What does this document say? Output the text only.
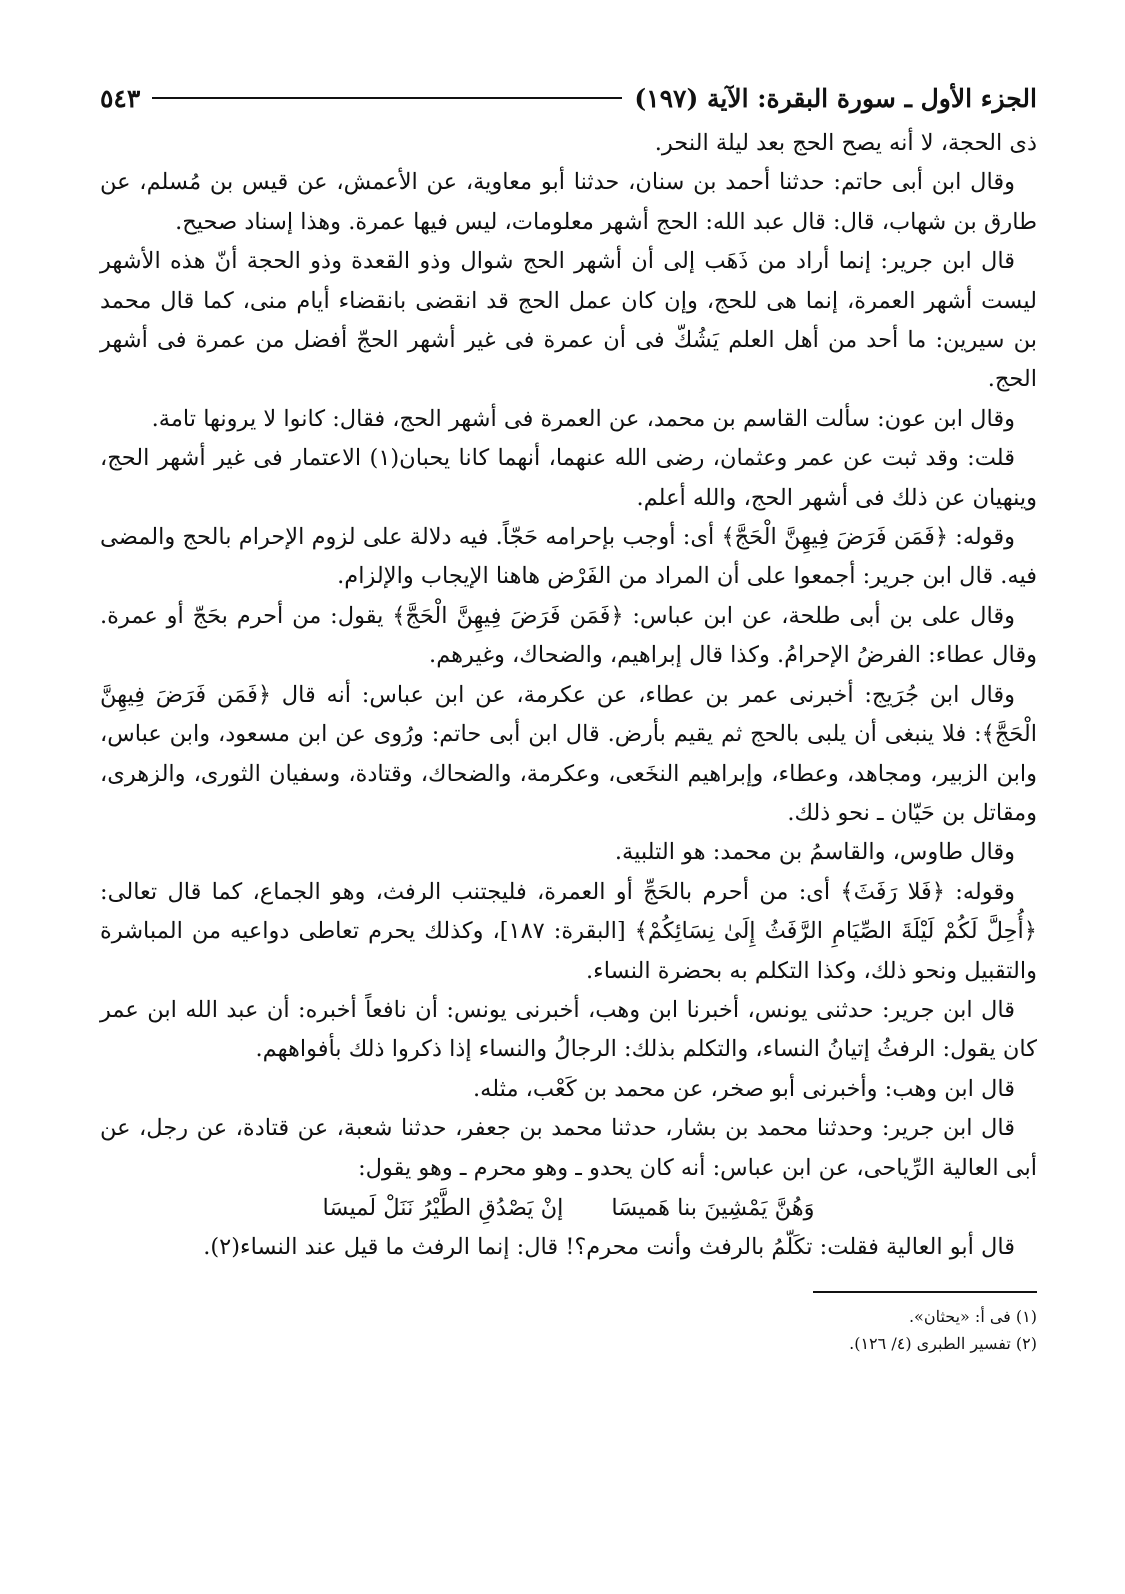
الجزء الأول ـ سورة البقرة: الآية (١٩٧)
٥٤٣

ذى الحجة، لا أنه يصح الحج بعد ليلة النحر.

وقال ابن أبى حاتم: حدثنا أحمد بن سنان، حدثنا أبو معاوية، عن الأعمش، عن قيس بن مُسلم، عن طارق بن شهاب، قال: قال عبد الله: الحج أشهر معلومات، ليس فيها عمرة. وهذا إسناد صحيح.

قال ابن جرير: إنما أراد من ذَهَب إلى أن أشهر الحج شوال وذو القعدة وذو الحجة أنّ هذه الأشهر ليست أشهر العمرة، إنما هى للحج، وإن كان عمل الحج قد انقضى بانقضاء أيام منى، كما قال محمد بن سيرين: ما أحد من أهل العلم يَشُكّ فى أن عمرة فى غير أشهر الحجّ أفضل من عمرة فى أشهر الحج.

وقال ابن عون: سألت القاسم بن محمد، عن العمرة فى أشهر الحج، فقال: كانوا لا يرونها تامة.

قلت: وقد ثبت عن عمر وعثمان، رضى الله عنهما، أنهما كانا يحبان(١) الاعتمار فى غير أشهر الحج، وينهيان عن ذلك فى أشهر الحج، والله أعلم.

وقوله: ﴿فَمَن فَرَضَ فِيهِنَّ الْحَجَّ﴾ أى: أوجب بإحرامه حَجّاً. فيه دلالة على لزوم الإحرام بالحج والمضى فيه. قال ابن جرير: أجمعوا على أن المراد من الفَرْض هاهنا الإيجاب والإلزام.

وقال على بن أبى طلحة، عن ابن عباس: ﴿فَمَن فَرَضَ فِيهِنَّ الْحَجَّ﴾ يقول: من أحرم بحَجّ أو عمرة. وقال عطاء: الفرضُ الإحرامُ. وكذا قال إبراهيم، والضحاك، وغيرهم.

وقال ابن جُرَيج: أخبرنى عمر بن عطاء، عن عكرمة، عن ابن عباس: أنه قال ﴿فَمَن فَرَضَ فِيهِنَّ الْحَجَّ﴾: فلا ينبغى أن يلبى بالحج ثم يقيم بأرض. قال ابن أبى حاتم: ورُوى عن ابن مسعود، وابن عباس، وابن الزبير، ومجاهد، وعطاء، وإبراهيم النخَعى، وعكرمة، والضحاك، وقتادة، وسفيان الثورى، والزهرى، ومقاتل بن حَيّان ـ نحو ذلك.

وقال طاوس، والقاسمُ بن محمد: هو التلبية.

وقوله: ﴿فَلا رَفَثَ﴾ أى: من أحرم بالحَجِّ أو العمرة، فليجتنب الرفث، وهو الجماع، كما قال تعالى: ﴿أُحِلَّ لَكُمْ لَيْلَةَ الصِّيَامِ الرَّفَثُ إِلَىٰ نِسَائِكُمْ﴾ [البقرة: ١٨٧]، وكذلك يحرم تعاطى دواعيه من المباشرة والتقبيل ونحو ذلك، وكذا التكلم به بحضرة النساء.

قال ابن جرير: حدثنى يونس، أخبرنا ابن وهب، أخبرنى يونس: أن نافعاً أخبره: أن عبد الله ابن عمر كان يقول: الرفثُ إتيانُ النساء، والتكلم بذلك: الرجالُ والنساء إذا ذكروا ذلك بأفواههم.

قال ابن وهب: وأخبرنى أبو صخر، عن محمد بن كَعْب، مثله.

قال ابن جرير: وحدثنا محمد بن بشار، حدثنا محمد بن جعفر، حدثنا شعبة، عن قتادة، عن رجل، عن أبى العالية الرِّياحى، عن ابن عباس: أنه كان يحدو ـ وهو محرم ـ وهو يقول:

وَهُنَّ يَمْشِينَ بنا هَميسَا
إنْ يَصْدُقِ الطَّيْرُ نَنَلْ لَميسَا

قال أبو العالية فقلت: تكَلّمُ بالرفث وأنت محرم؟! قال: إنما الرفث ما قيل عند النساء(٢).

(١) فى أ: «يحثان».

(٢) تفسير الطبرى (٤/ ١٢٦).
